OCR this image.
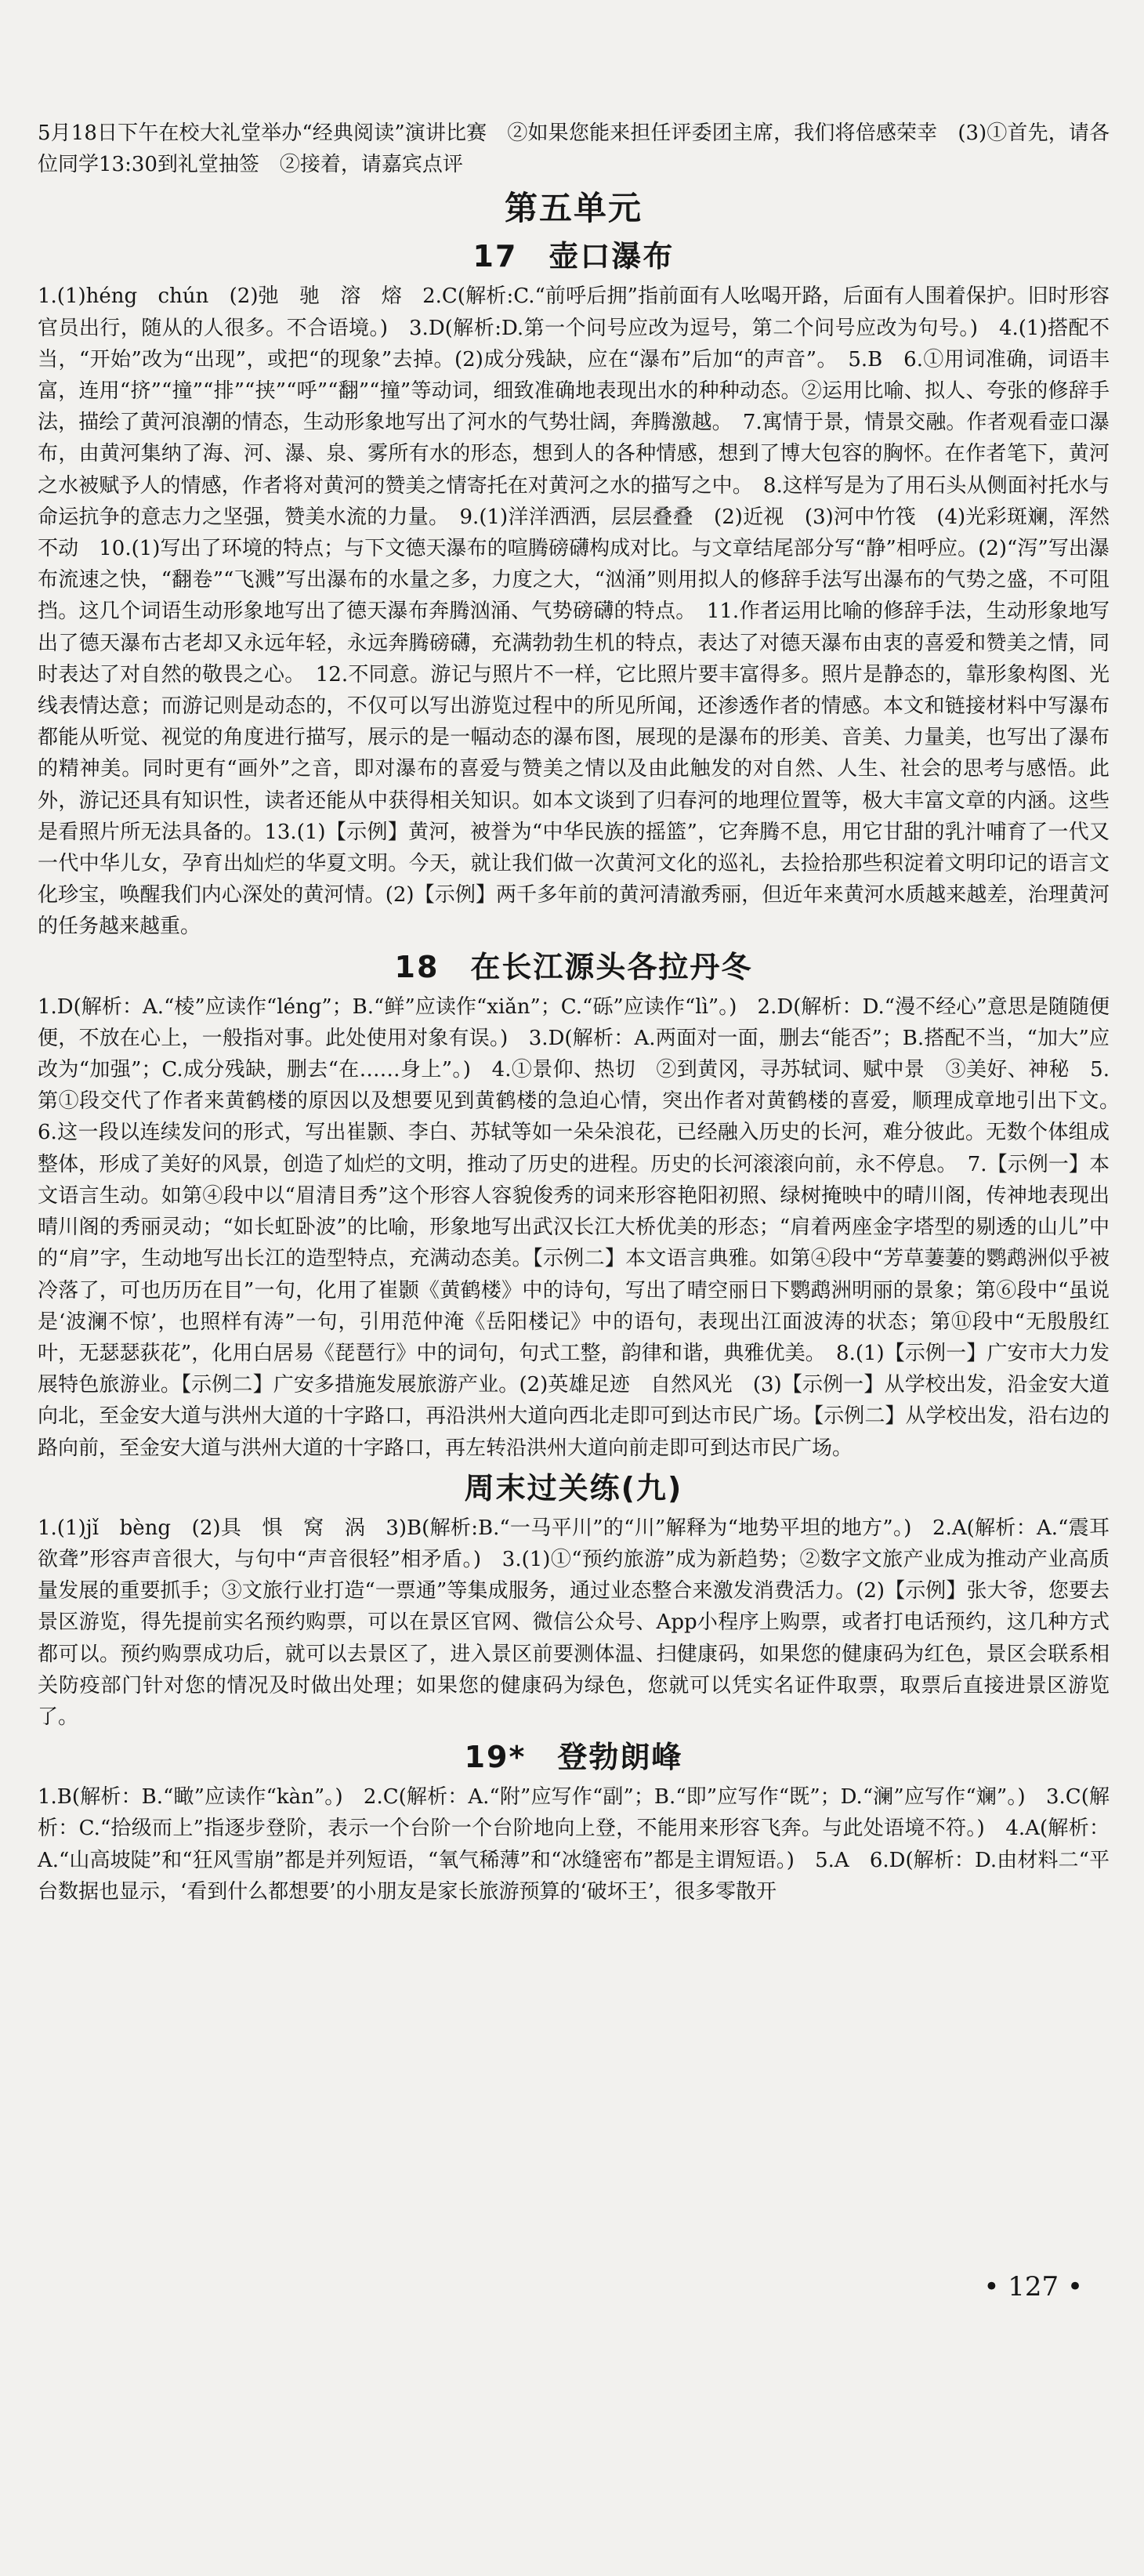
5月18日下午在校大礼堂举办“经典阅读”演讲比赛　②如果您能来担任评委团主席，我们将倍感荣幸　(3)①首先，请各位同学13:30到礼堂抽签　②接着，请嘉宾点评

第五单元
17　壶口瀑布

1.(1)héng　chún　(2)弛　驰　溶　熔　2.C(解析:C.“前呼后拥”指前面有人吆喝开路，后面有人围着保护。旧时形容官员出行，随从的人很多。不合语境。)　3.D(解析:D.第一个问号应改为逗号，第二个问号应改为句号。)　4.(1)搭配不当，“开始”改为“出现”，或把“的现象”去掉。(2)成分残缺，应在“瀑布”后加“的声音”。　5.B　6.①用词准确，词语丰富，连用“挤”“撞”“排”“挟”“呼”“翻”“撞”等动词，细致准确地表现出水的种种动态。②运用比喻、拟人、夸张的修辞手法，描绘了黄河浪潮的情态，生动形象地写出了河水的气势壮阔，奔腾激越。　7.寓情于景，情景交融。作者观看壶口瀑布，由黄河集纳了海、河、瀑、泉、雾所有水的形态，想到人的各种情感，想到了博大包容的胸怀。在作者笔下，黄河之水被赋予人的情感，作者将对黄河的赞美之情寄托在对黄河之水的描写之中。　8.这样写是为了用石头从侧面衬托水与命运抗争的意志力之坚强，赞美水流的力量。　9.(1)洋洋洒洒，层层叠叠　(2)近视　(3)河中竹筏　(4)光彩斑斓，浑然不动　10.(1)写出了环境的特点；与下文德天瀑布的喧腾磅礴构成对比。与文章结尾部分写“静”相呼应。(2)“泻”写出瀑布流速之快，“翻卷”“飞溅”写出瀑布的水量之多，力度之大，“汹涌”则用拟人的修辞手法写出瀑布的气势之盛，不可阻挡。这几个词语生动形象地写出了德天瀑布奔腾汹涌、气势磅礴的特点。　11.作者运用比喻的修辞手法，生动形象地写出了德天瀑布古老却又永远年轻，永远奔腾磅礴，充满勃勃生机的特点，表达了对德天瀑布由衷的喜爱和赞美之情，同时表达了对自然的敬畏之心。　12.不同意。游记与照片不一样，它比照片要丰富得多。照片是静态的，靠形象构图、光线表情达意；而游记则是动态的，不仅可以写出游览过程中的所见所闻，还渗透作者的情感。本文和链接材料中写瀑布都能从听觉、视觉的角度进行描写，展示的是一幅动态的瀑布图，展现的是瀑布的形美、音美、力量美，也写出了瀑布的精神美。同时更有“画外”之音，即对瀑布的喜爱与赞美之情以及由此触发的对自然、人生、社会的思考与感悟。此外，游记还具有知识性，读者还能从中获得相关知识。如本文谈到了归春河的地理位置等，极大丰富文章的内涵。这些是看照片所无法具备的。13.(1)【示例】黄河，被誉为“中华民族的摇篮”，它奔腾不息，用它甘甜的乳汁哺育了一代又一代中华儿女，孕育出灿烂的华夏文明。今天，就让我们做一次黄河文化的巡礼，去捡拾那些积淀着文明印记的语言文化珍宝，唤醒我们内心深处的黄河情。(2)【示例】两千多年前的黄河清澈秀丽，但近年来黄河水质越来越差，治理黄河的任务越来越重。

18　在长江源头各拉丹冬

1.D(解析：A.“棱”应读作“léng”；B.“鲜”应读作“xiǎn”；C.“砾”应读作“lì”。)　2.D(解析：D.“漫不经心”意思是随随便便，不放在心上，一般指对事。此处使用对象有误。)　3.D(解析：A.两面对一面，删去“能否”；B.搭配不当，“加大”应改为“加强”；C.成分残缺，删去“在……身上”。)　4.①景仰、热切　②到黄冈，寻苏轼词、赋中景　③美好、神秘　5.第①段交代了作者来黄鹤楼的原因以及想要见到黄鹤楼的急迫心情，突出作者对黄鹤楼的喜爱，顺理成章地引出下文。　6.这一段以连续发问的形式，写出崔颢、李白、苏轼等如一朵朵浪花，已经融入历史的长河，难分彼此。无数个体组成整体，形成了美好的风景，创造了灿烂的文明，推动了历史的进程。历史的长河滚滚向前，永不停息。　7.【示例一】本文语言生动。如第④段中以“眉清目秀”这个形容人容貌俊秀的词来形容艳阳初照、绿树掩映中的晴川阁，传神地表现出晴川阁的秀丽灵动；“如长虹卧波”的比喻，形象地写出武汉长江大桥优美的形态；“肩着两座金字塔型的剔透的山儿”中的“肩”字，生动地写出长江的造型特点，充满动态美。【示例二】本文语言典雅。如第④段中“芳草萋萋的鹦鹉洲似乎被冷落了，可也历历在目”一句，化用了崔颢《黄鹤楼》中的诗句，写出了晴空丽日下鹦鹉洲明丽的景象；第⑥段中“虽说是‘波澜不惊’，也照样有涛”一句，引用范仲淹《岳阳楼记》中的语句，表现出江面波涛的状态；第⑪段中“无殷殷红叶，无瑟瑟荻花”，化用白居易《琵琶行》中的词句，句式工整，韵律和谐，典雅优美。　8.(1)【示例一】广安市大力发展特色旅游业。【示例二】广安多措施发展旅游产业。(2)英雄足迹　自然风光　(3)【示例一】从学校出发，沿金安大道向北，至金安大道与洪州大道的十字路口，再沿洪州大道向西北走即可到达市民广场。【示例二】从学校出发，沿右边的路向前，至金安大道与洪州大道的十字路口，再左转沿洪州大道向前走即可到达市民广场。

周末过关练(九)

1.(1)jǐ　bèng　(2)具　惧　窝　涡　3)B(解析:B.“一马平川”的“川”解释为“地势平坦的地方”。)　2.A(解析：A.“震耳欲聋”形容声音很大，与句中“声音很轻”相矛盾。)　3.(1)①“预约旅游”成为新趋势；②数字文旅产业成为推动产业高质量发展的重要抓手；③文旅行业打造“一票通”等集成服务，通过业态整合来激发消费活力。(2)【示例】张大爷，您要去景区游览，得先提前实名预约购票，可以在景区官网、微信公众号、App小程序上购票，或者打电话预约，这几种方式都可以。预约购票成功后，就可以去景区了，进入景区前要测体温、扫健康码，如果您的健康码为红色，景区会联系相关防疫部门针对您的情况及时做出处理；如果您的健康码为绿色，您就可以凭实名证件取票，取票后直接进景区游览了。

19*　登勃朗峰

1.B(解析：B.“瞰”应读作“kàn”。)　2.C(解析：A.“附”应写作“副”；B.“即”应写作“既”；D.“澜”应写作“斓”。)　3.C(解析：C.“拾级而上”指逐步登阶，表示一个台阶一个台阶地向上登，不能用来形容飞奔。与此处语境不符。)　4.A(解析：A.“山高坡陡”和“狂风雪崩”都是并列短语，“氧气稀薄”和“冰缝密布”都是主谓短语。)　5.A　6.D(解析：D.由材料二“平台数据也显示，‘看到什么都想要’的小朋友是家长旅游预算的‘破坏王’，很多零散开

• 127 •
